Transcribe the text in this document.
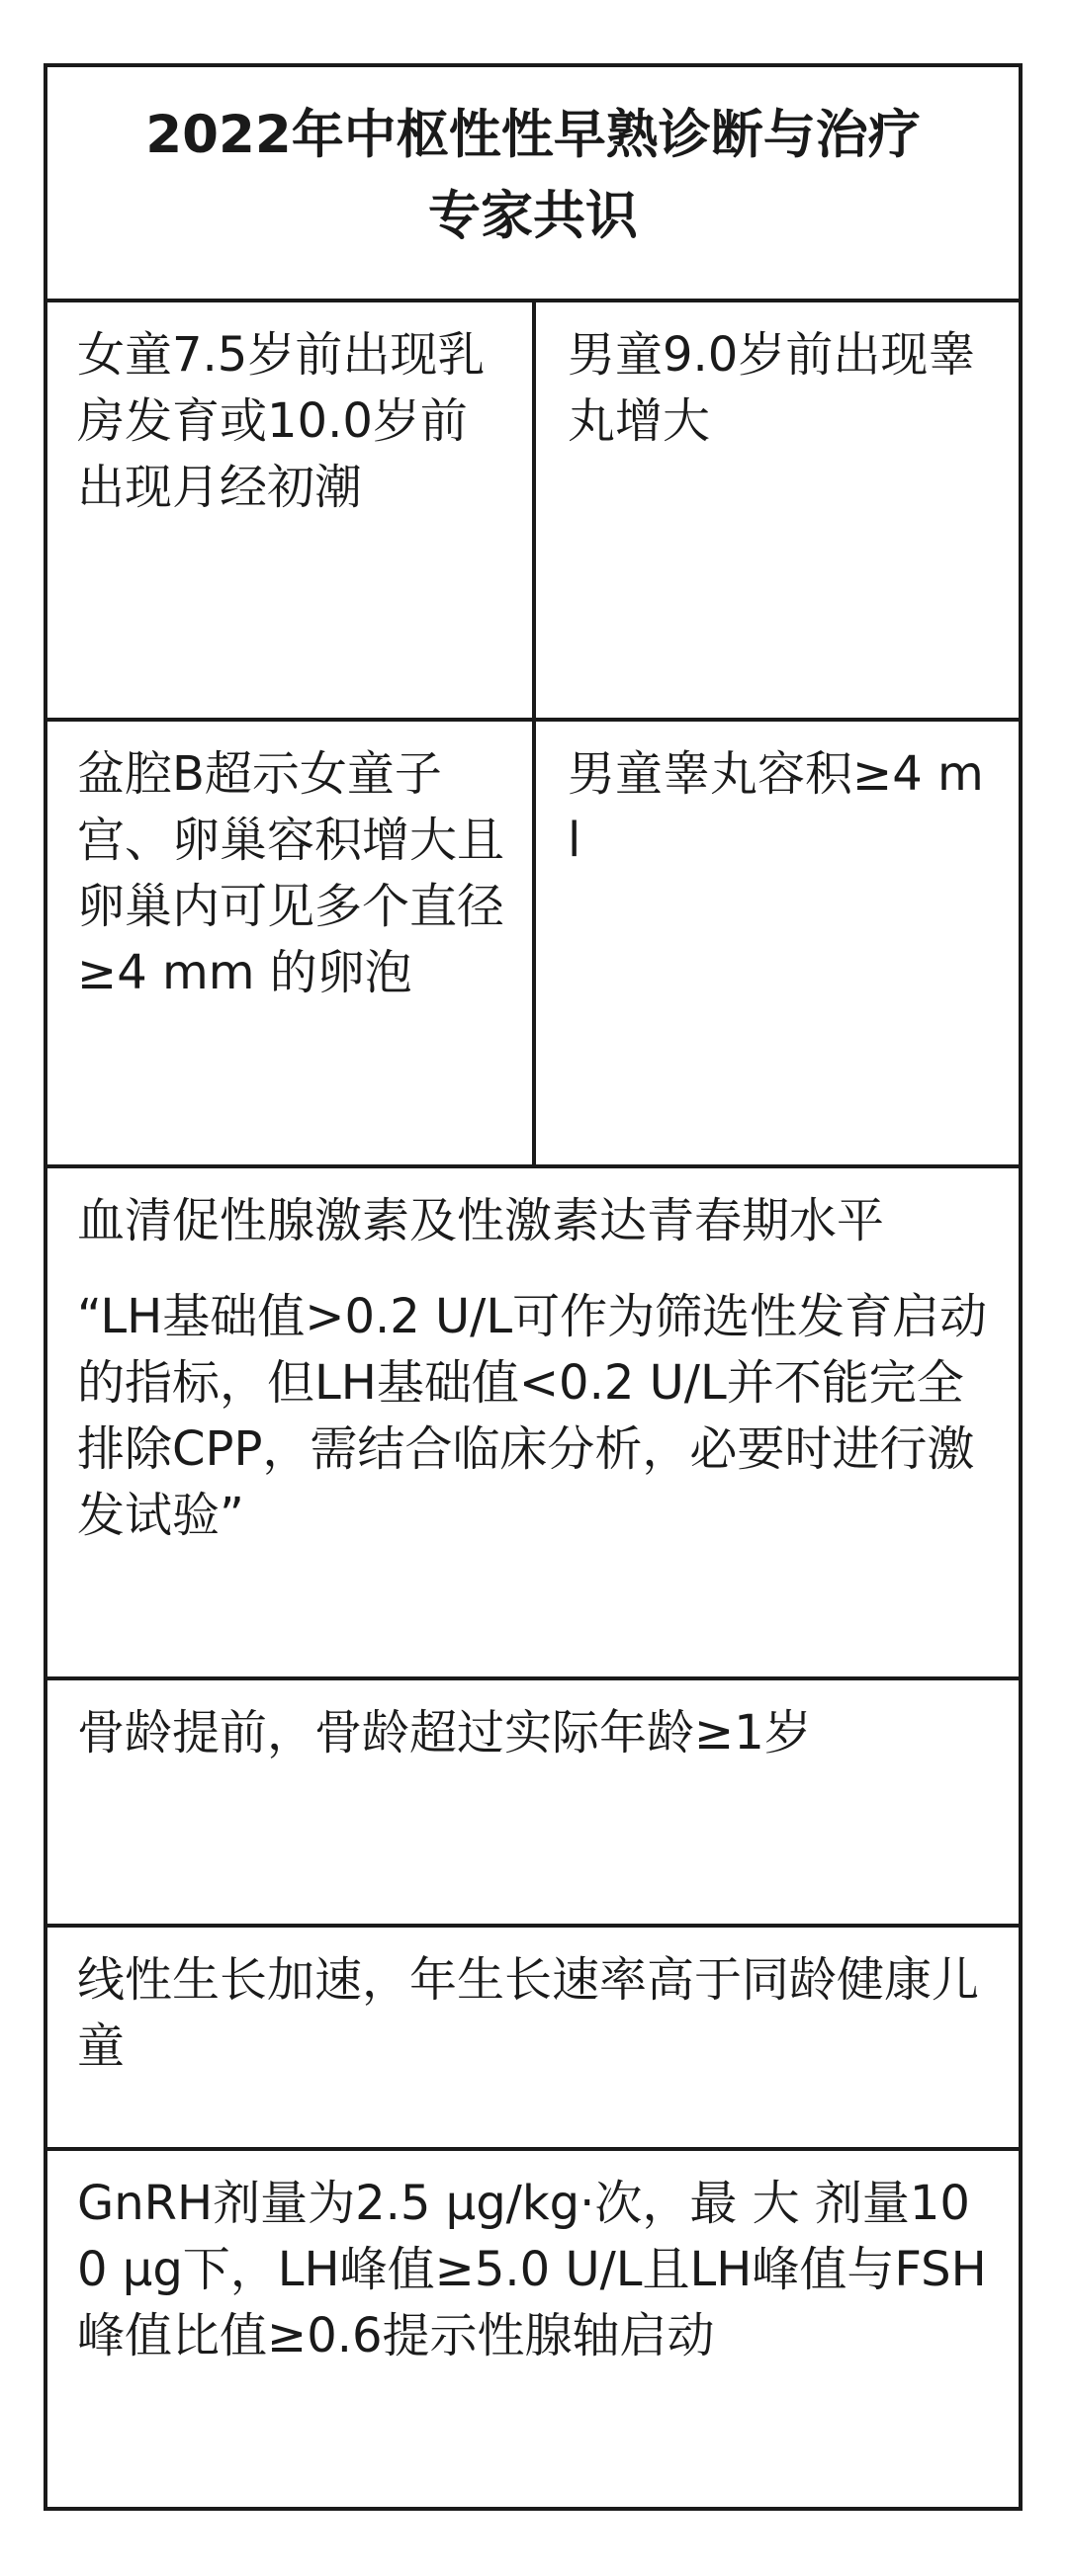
2022年中枢性性早熟诊断与治疗
专家共识
女童7.5岁前出现乳房发育或10.0岁前出现月经初潮
男童9.0岁前出现睾丸增大
盆腔B超示女童子宫、卵巢容积增大且卵巢内可见多个直径≥4 mm 的卵泡
男童睾丸容积≥4 ml
血清促性腺激素及性激素达青春期水平
“LH基础值>0.2 U/L可作为筛选性发育启动的指标，但LH基础值<0.2 U/L并不能完全排除CPP，需结合临床分析，必要时进行激发试验”
骨龄提前，骨龄超过实际年龄≥1岁
线性生长加速，年生长速率高于同龄健康儿童
GnRH剂量为2.5 μg/kg·次，最 大 剂量100 μg下，LH峰值≥5.0 U/L且LH峰值与FSH峰值比值≥0.6提示性腺轴启动
